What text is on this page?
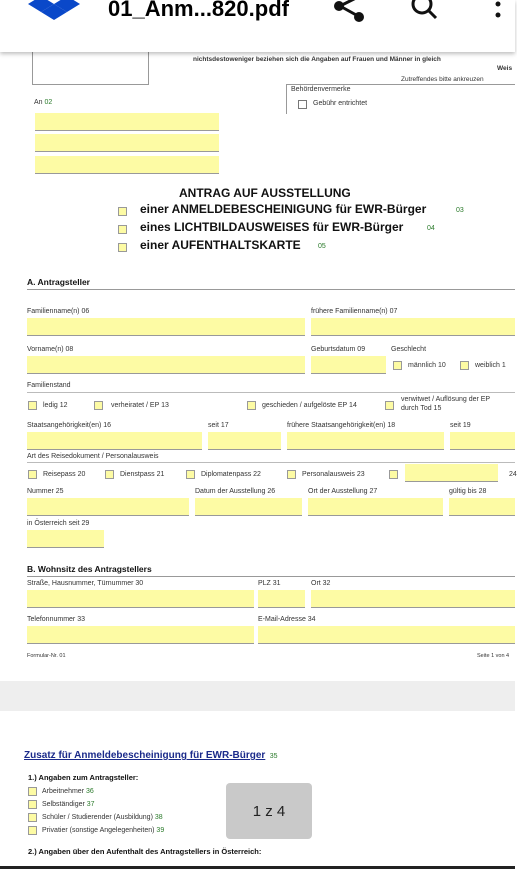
01_Anm...820.pdf
nichtsdestoweniger beziehen sich die Angaben auf Frauen und Männer in gleich
Weis
Zutreffendes bitte ankreuzen
Behördenvermerke
Gebühr entrichtet
An 02
ANTRAG AUF AUSSTELLUNG
einer ANMELDEBESCHEINIGUNG für EWR-Bürger	03
eines LICHTBILDAUSWEISES für EWR-Bürger	04
einer AUFENTHALTSKARTE 05
A. Antragsteller
Familienname(n) 06	frühere Familienname(n) 07
Vorname(n) 08	Geburtsdatum 09	Geschlecht
männlich 10	weiblich 1
Familienstand
ledig 12	verheiratet / EP 13	geschieden / aufgelöste EP 14
verwitwet / Auflösung der EP
durch Tod 15
Staatsangehörigkeit(en) 16	seit 17	frühere Staatsangehörigkeit(en) 18	seit 19
Art des Reisedokument / Personalausweis
Reisepass 20	Dienstpass 21	Diplomatenpass 22	Personalausweis 23	24
Nummer 25	Datum der Ausstellung 26	Ort der Ausstellung 27	gültig bis 28
in Österreich seit 29
B. Wohnsitz des Antragstellers
Straße, Hausnummer, Türnummer 30	PLZ 31	Ort 32
Telefonnummer 33	E-Mail-Adresse 34
Formular-Nr. 01	Seite 1 von 4
Zusatz für Anmeldebescheinigung für EWR-Bürger 35
1.) Angaben zum Antragsteller:
Arbeitnehmer 36
Selbständiger 37
Schüler / Studierender (Ausbildung) 38
Privatier (sonstige Angelegenheiten) 39
2.) Angaben über den Aufenthalt des Antragstellers in Österreich:
1 z 4
